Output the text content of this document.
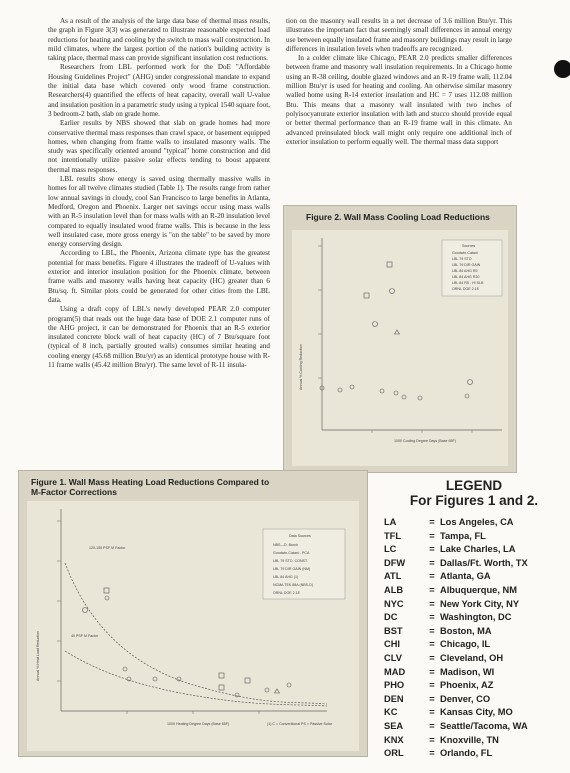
As a result of the analysis of the large data base of thermal mass results, the graph in Figure 3(3) was generated to illustrate reasonable expected load reductions for heating and cooling by the switch to mass wall construction. In mild climates, where the largest portion of the nation's building activity is taking place, thermal mass can provide significant insulation cost reductions.

Researchers from LBL performed work for the DoE "Affordable Housing Guidelines Project" (AHG) under congressional mandate to expand the initial data base which covered only wood frame construction. Researchers(4) quantified the effects of heat capacity, overall wall U-value and insulation position in a parametric study using a typical 1540 square foot, 3 bedroom-2 bath, slab on grade home.

Earlier results by NBS showed that slab on grade homes had more conservative thermal mass responses than crawl space, or basement equipped homes, when changing from frame walls to insulated masonry walls. The study was specifically oriented around "typical" home construction and did not intentionally utilize passive solar effects tending to boost apparent thermal mass responses.

LBL results show energy is saved using thermally massive walls in homes for all twelve climates studied (Table 1). The results range from rather low annual savings in cloudy, cool San Francisco to large benefits in Atlanta, Medford, Oregon and Phoenix. Larger net savings occur using mass walls with an R-5 insulation level than for mass walls with an R-20 insulation level compared to equally insulated wood frame walls. This is because in the less well insulated case, more gross energy is "on the table" to be saved by more energy conserving design.

According to LBL, the Phoenix, Arizona climate type has the greatest potential for mass benefits. Figure 4 illustrates the tradeoff of U-values with exterior and interior insulation position for the Phoenix climate, between frame walls and masonry walls having heat capacity (HC) greater than 6 Btu/sq. ft. Similar plots could be generated for other cities from the LBL data.

Using a draft copy of LBL's newly developed PEAR 2.0 computer program(5) that reads out the huge data base of DOE 2.1 computer runs of the AHG project, it can be demonstrated for Phoenix that an R-5 exterior insulated concrete block wall of heat capacity (HC) of 7 Btu/square foot (typical of 8 inch, partially grouted walls) consumes similar heating and cooling energy (45.68 million Btu/yr) as an identical prototype house with R-11 frame walls (45.42 million Btu/yr). The same level of R-11 insula-

tion on the masonry wall results in a net decrease of 3.6 million Btu/yr. This illustrates the important fact that seemingly small differences in annual energy use between equally insulated frame and masonry buildings may result in large differences in insulation levels when tradeoffs are recognized.

In a colder climate like Chicago, PEAR 2.0 predicts smaller differences between frame and masonry wall insulation requirements. In a Chicago home using an R-38 ceiling, double glazed windows and an R-19 frame wall, 112.04 million Btu/yr is used for heating and cooling. An otherwise similar masonry walled home using R-14 exterior insulation and HC = 7 uses 112.08 million Btu. This means that a masonry wall insulated with two inches of polyisocyanurate exterior insulation with lath and stucco should provide equal or better thermal performance than an R-19 frame wall in this climate. An advanced preinsulated block wall might only require one additional inch of exterior insulation to perform equally well. The thermal mass data support

Figure 2. Wall Mass Cooling Load Reductions
Annual % Cooling Reduction
1000 Cooling Degree Days (Base 65F)
Sources
Goodwin-Catani
LBL 79 STO
LBL 79 DIR GAIN
LBL 84 AHG R5
LBL 84 AHG R20
LBL 84 R5 - HI SLB
ORNL DOE 2.1E
Figure 1. Wall Mass Heating Load Reductions Compared to M-Factor Corrections
Annual % Heat Load Reduction
1000 Heating Degree Days (Base 65F)	(1) C = Conventional PS = Passive Solar
Data Sources
NBS—D. Burch
Goodwin-Catani - PCA
LBL 79 STO. CONST.
LBL 79 DIR GAIN (NM)
LBL 84 AHG (1)
NCMA TEK 88A (NBS-D)
ORNL DOE 2.1E
120-155 PSF M Factor
40 PSF M Factor
LEGEND
For Figures 1 and 2.
LA	= Los Angeles, CA
TFL	= Tampa, FL
LC	= Lake Charles, LA
DFW	= Dallas/Ft. Worth, TX
ATL	= Atlanta, GA
ALB	= Albuquerque, NM
NYC	= New York City, NY
DC	= Washington, DC
BST	= Boston, MA
CHI	= Chicago, IL
CLV	= Cleveland, OH
MAD	= Madison, WI
PHO	= Phoenix, AZ
DEN	= Denver, CO
KC	= Kansas City, MO
SEA	= Seattle/Tacoma, WA
KNX	= Knoxville, TN
ORL	= Orlando, FL
